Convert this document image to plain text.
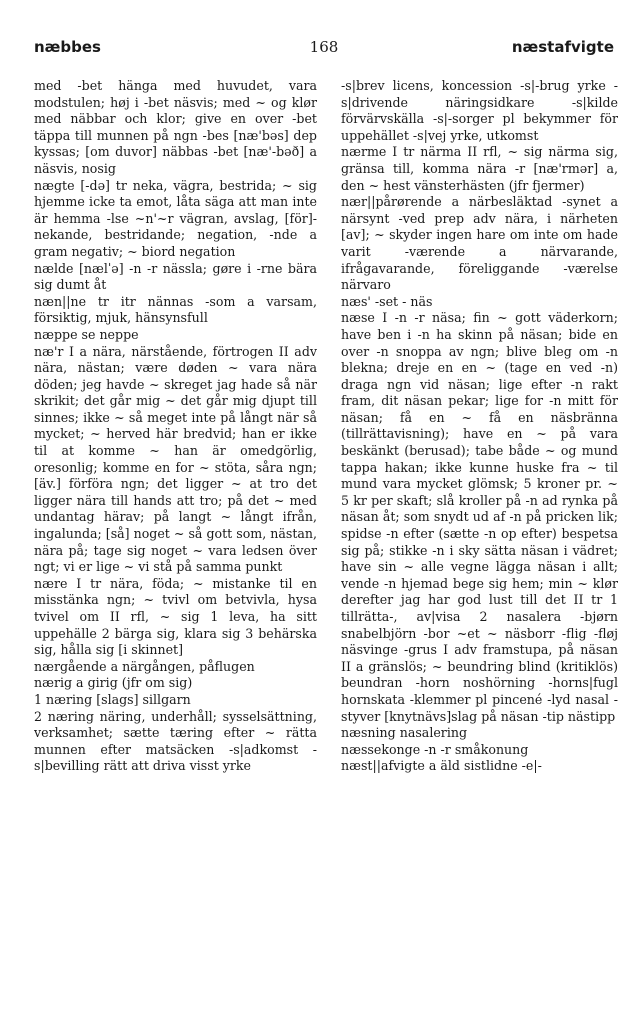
næbbes	168	næstafvigte

med -bet hänga med huvudet, vara modstulen; høj i -bet näsvis; med ~ og klør med näbbar och klor; give en over -bet täppa till munnen på ngn -bes [næ'bəs] dep kyssas; [om duvor] näbbas -bet [næ'-bəð] a näsvis, nosig

nægte [-də] tr neka, vägra, bestrida; ~ sig hjemme icke ta emot, låta säga att man inte är hemma -lse ~n'~r vägran, avslag, [för]-nekande, bestridande; negation, -nde a gram negativ; ~ biord negation

nælde [nælˈə] -n -r nässla; gøre i -rne bära sig dumt åt

næn||ne tr itr nännas -som a varsam, försiktig, mjuk, hänsynsfull

næppe se neppe

næ'r I a nära, närstående, förtrogen II adv nära, nästan; være døden ~ vara nära döden; jeg havde ~ skreget jag hade så när skrikit; det går mig ~ det går mig djupt till sinnes; ikke ~ så meget inte på långt när så mycket; ~ herved här bredvid; han er ikke til at komme ~ han är omedgörlig, oresonlig; komme en for ~ stöta, såra ngn; [äv.] förföra ngn; det ligger ~ at tro det ligger nära till hands att tro; på det ~ med undantag härav; på langt ~ långt ifrån, ingalunda; [så] noget ~ så gott som, nästan, nära på; tage sig noget ~ vara ledsen över ngt; vi er lige ~ vi stå på samma punkt

nære I tr nära, föda; ~ mistanke til en misstänka ngn; ~ tvivl om betvivla, hysa tvivel om II rfl, ~ sig 1 leva, ha sitt uppehälle 2 bärga sig, klara sig 3 behärska sig, hålla sig [i skinnet]

nærgående a närgången, påflugen

nærig a girig (jfr om sig)

1 næring [slags] sillgarn

2 næring näring, underhåll; sysselsättning, verksamhet; sætte tæring efter ~ rätta munnen efter matsäcken -s|adkomst -s|bevilling rätt att driva visst yrke

-s|brev licens, koncession -s|-brug yrke -s|drivende näringsidkare -s|kilde förvärvskälla -s|-sorger pl bekymmer för uppehället -s|vej yrke, utkomst

nærme I tr närma II rfl, ~ sig närma sig, gränsa till, komma nära -r [næ'rmər] a, den ~ hest vänsterhästen (jfr fjermer)

nær||pårørende a närbesläktad -synet a närsynt -ved prep adv nära, i närheten [av]; ~ skyder ingen hare om inte om hade varit -værende a närvarande, ifrågavarande, föreliggande -værelse närvaro

næs' -set - näs

næse I -n -r näsa; fin ~ gott väderkorn; have ben i -n ha skinn på näsan; bide en over -n snoppa av ngn; blive bleg om -n blekna; dreje en en ~ (tage en ved -n) draga ngn vid näsan; lige efter -n rakt fram, dit näsan pekar; lige for -n mitt för näsan; få en ~ få en näsbränna (tillrättavisning); have en ~ på vara beskänkt (berusad); tabe både ~ og mund tappa hakan; ikke kunne huske fra ~ til mund vara mycket glömsk; 5 kroner pr. ~ 5 kr per skaft; slå kroller på -n ad rynka på näsan åt; som snydt ud af -n på pricken lik; spidse -n efter (sætte -n op efter) bespetsa sig på; stikke -n i sky sätta näsan i vädret; have sin ~ alle vegne lägga näsan i allt; vende -n hjemad bege sig hem; min ~ klør derefter jag har god lust till det II tr 1 tillrätta-, av|visa 2 nasalera -bjørn snabelbjörn -bor ~et ~ näsborr -flig -fløj näsvinge -grus I adv framstupa, på näsan II a gränslös; ~ beundring blind (kritiklös) beundran -horn noshörning -horns|fugl hornskata -klemmer pl pincené -lyd nasal -styver [knytnävs]slag på näsan -tip nästipp

næsning nasalering

næssekonge -n -r småkonung

næst||afvigte a äld sistlidne -e|-
